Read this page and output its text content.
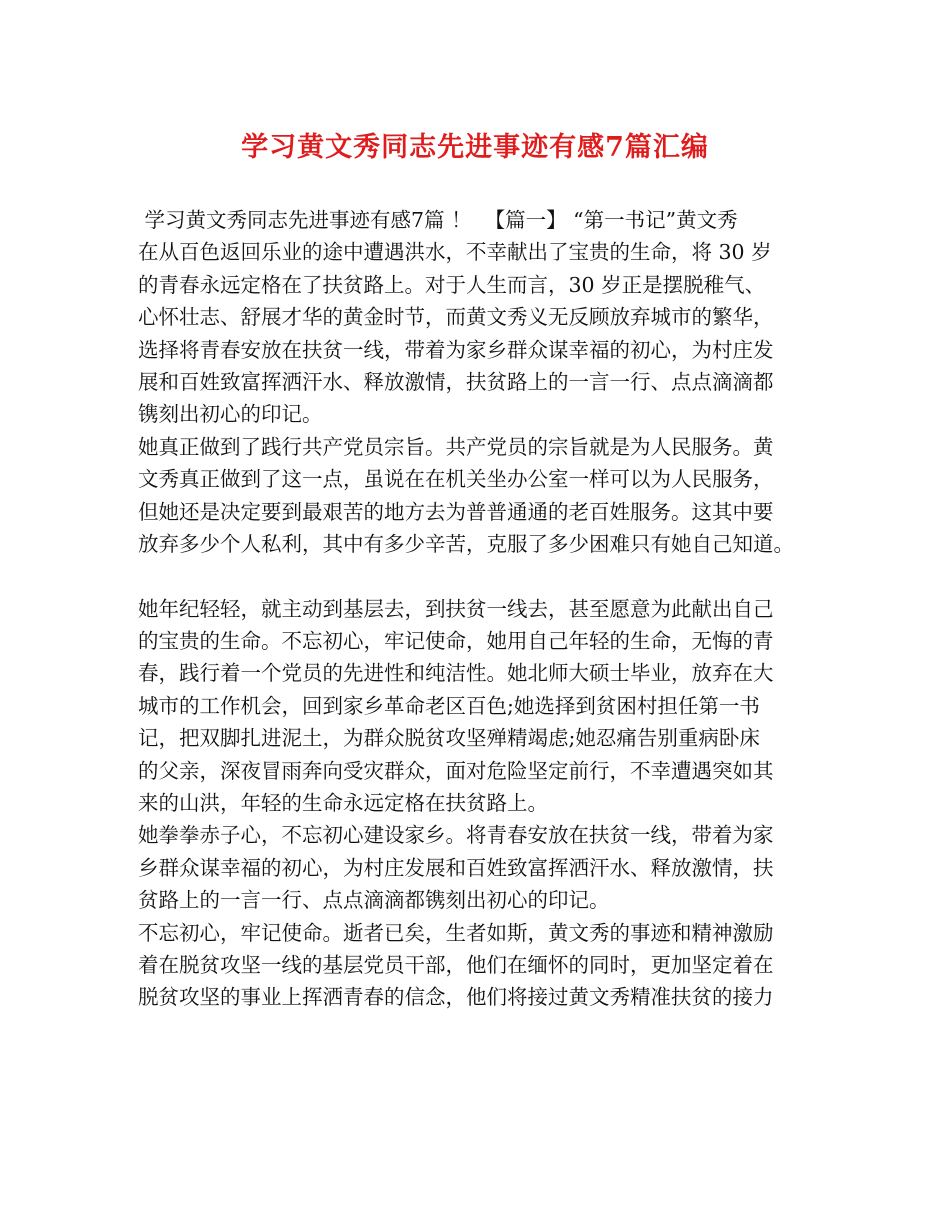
学习黄文秀同志先进事迹有感7篇汇编
学习黄文秀同志先进事迹有感7篇 ！  【篇一】 “第一书记”黄文秀
在从百色返回乐业的途中遭遇洪水，不幸献出了宝贵的生命，将 30 岁
的青春永远定格在了扶贫路上。对于人生而言，30 岁正是摆脱稚气、
心怀壮志、舒展才华的黄金时节，而黄文秀义无反顾放弃城市的繁华，
选择将青春安放在扶贫一线，带着为家乡群众谋幸福的初心，为村庄发
展和百姓致富挥洒汗水、释放激情，扶贫路上的一言一行、点点滴滴都
镌刻出初心的印记。
她真正做到了践行共产党员宗旨。共产党员的宗旨就是为人民服务。黄
文秀真正做到了这一点，虽说在在机关坐办公室一样可以为人民服务，
但她还是决定要到最艰苦的地方去为普普通通的老百姓服务。这其中要
放弃多少个人私利，其中有多少辛苦，克服了多少困难只有她自己知道。
她年纪轻轻，就主动到基层去，到扶贫一线去，甚至愿意为此献出自己
的宝贵的生命。不忘初心，牢记使命，她用自己年轻的生命，无悔的青
春，践行着一个党员的先进性和纯洁性。她北师大硕士毕业，放弃在大
城市的工作机会，回到家乡革命老区百色;她选择到贫困村担任第一书
记，把双脚扎进泥土，为群众脱贫攻坚殚精竭虑;她忍痛告别重病卧床
的父亲，深夜冒雨奔向受灾群众，面对危险坚定前行，不幸遭遇突如其
来的山洪，年轻的生命永远定格在扶贫路上。
她拳拳赤子心，不忘初心建设家乡。将青春安放在扶贫一线，带着为家
乡群众谋幸福的初心，为村庄发展和百姓致富挥洒汗水、释放激情，扶
贫路上的一言一行、点点滴滴都镌刻出初心的印记。
不忘初心，牢记使命。逝者已矣，生者如斯，黄文秀的事迹和精神激励
着在脱贫攻坚一线的基层党员干部，他们在缅怀的同时，更加坚定着在
脱贫攻坚的事业上挥洒青春的信念，他们将接过黄文秀精准扶贫的接力
